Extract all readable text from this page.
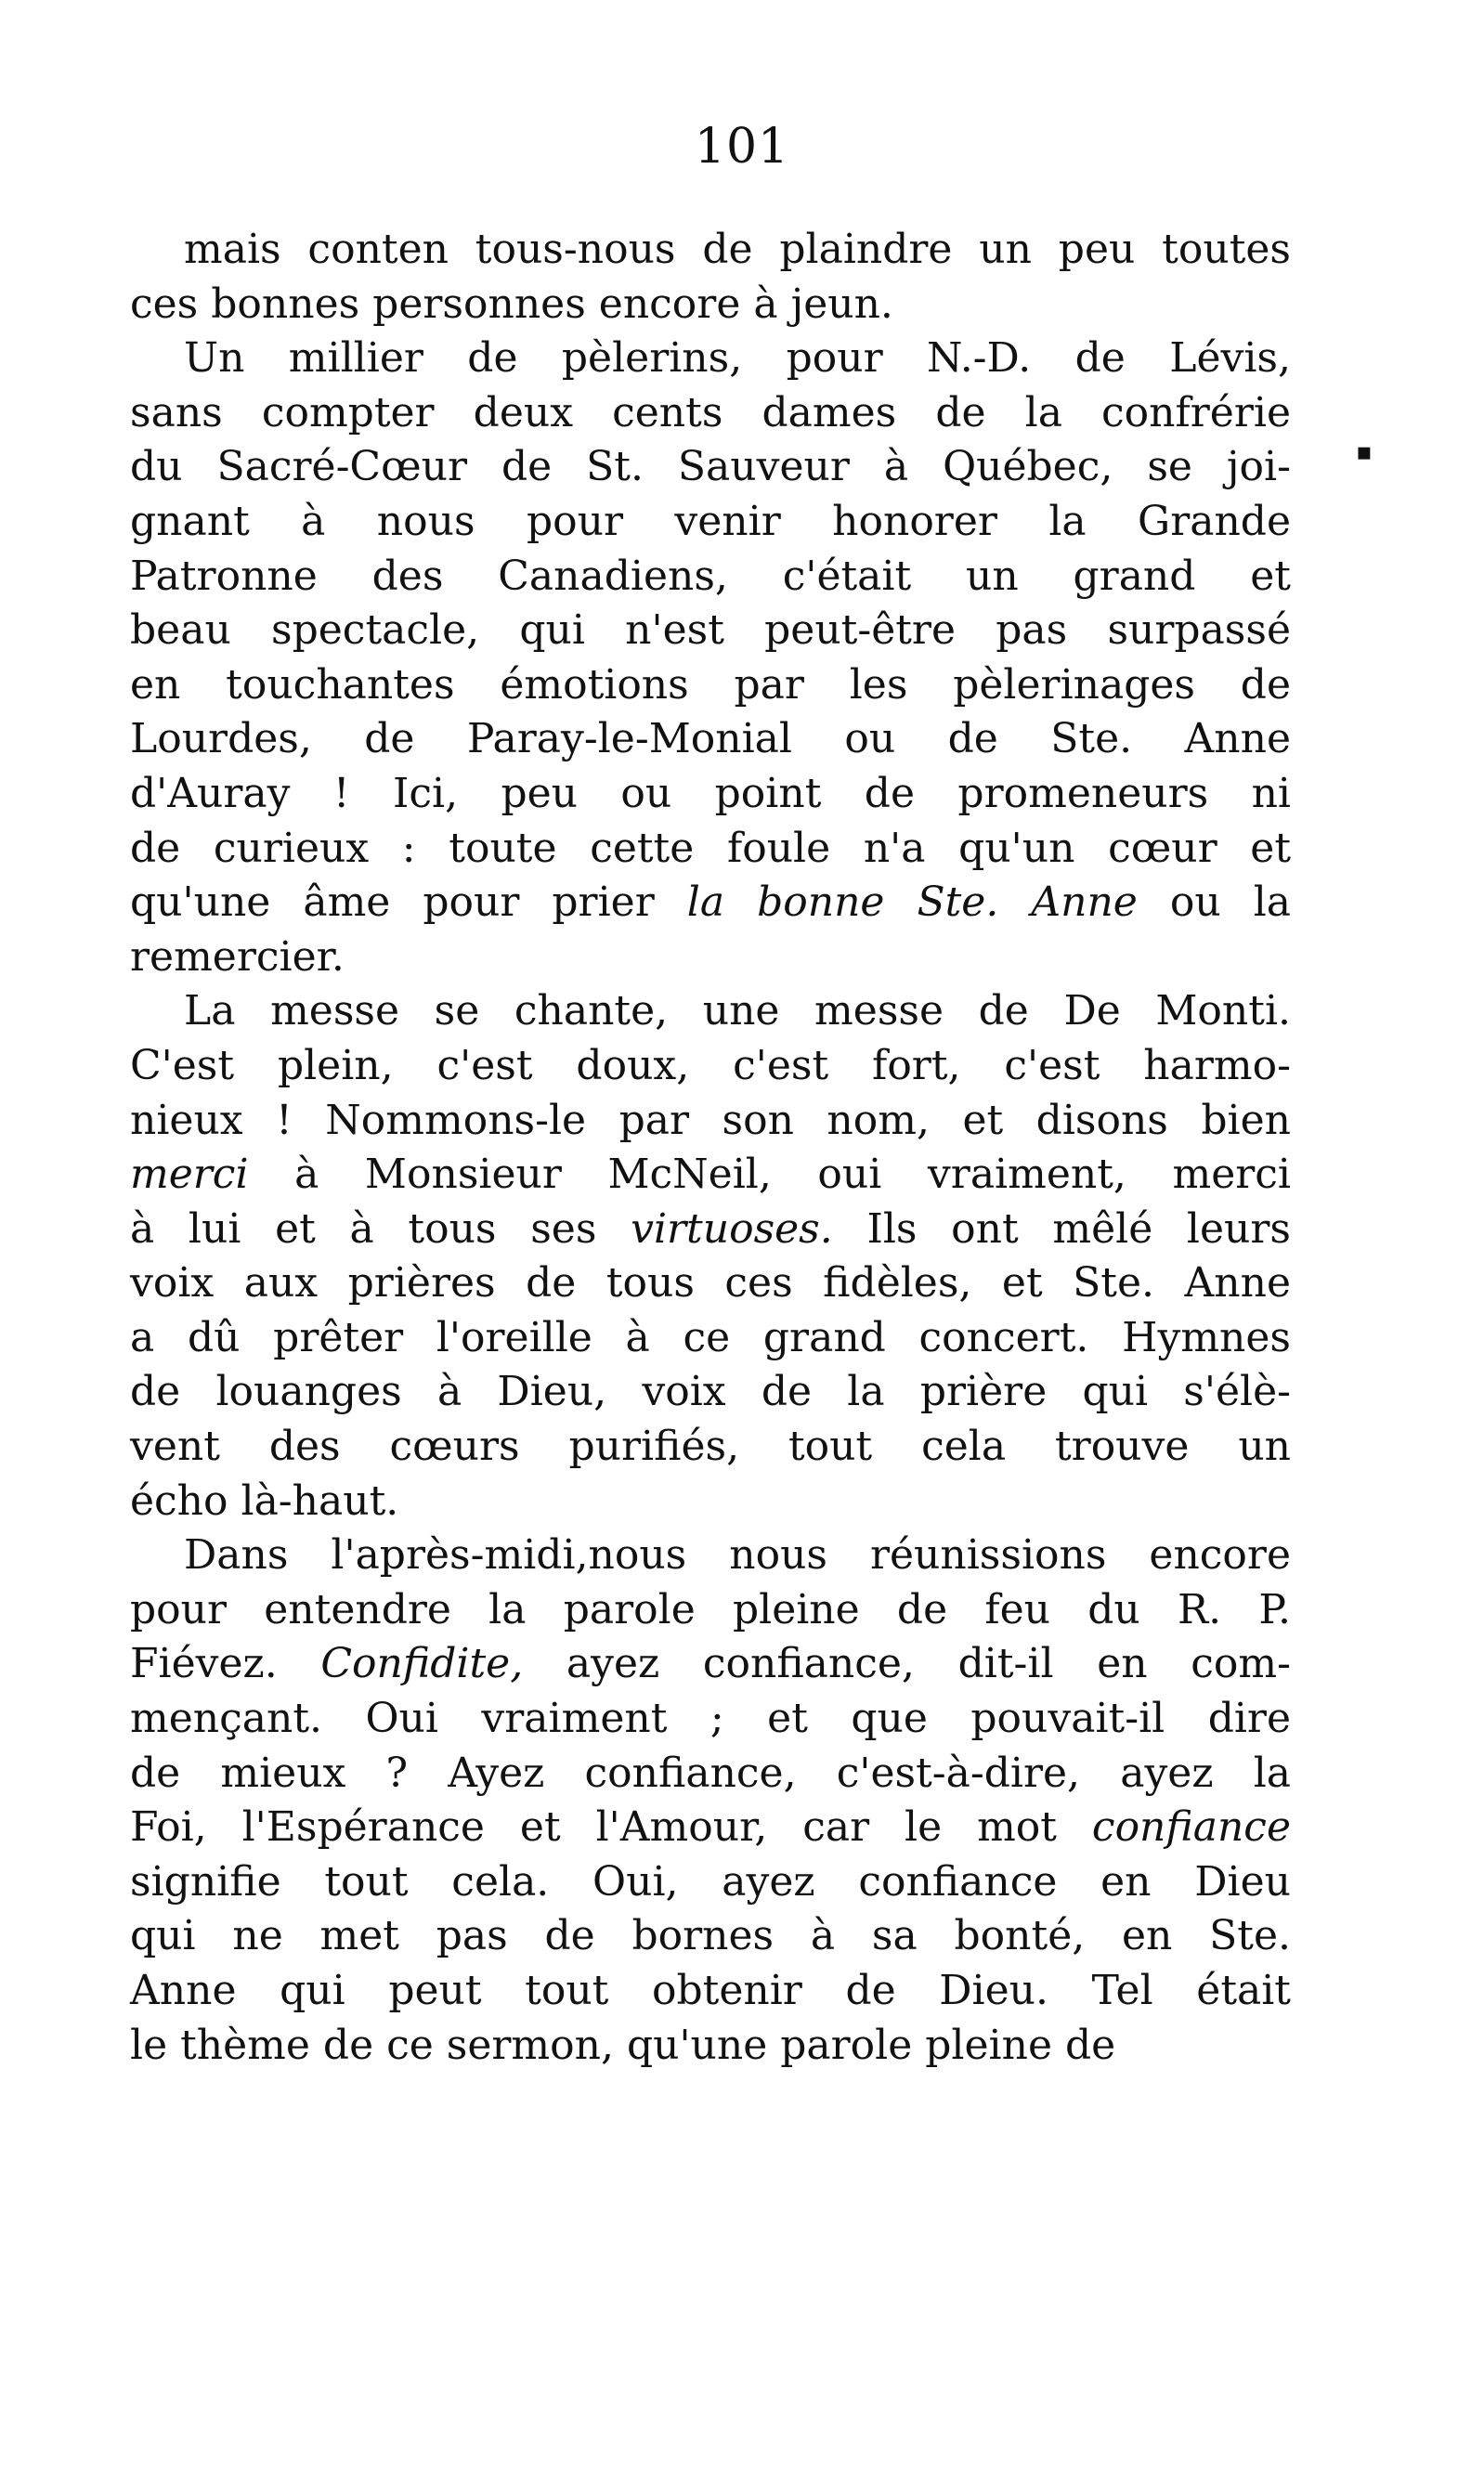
101
▪
mais conten tous-nous de plaindre un peu toutes
ces bonnes personnes encore à jeun.
Un millier de pèlerins, pour N.-D. de Lévis,
sans compter deux cents dames de la confrérie
du Sacré-Cœur de St. Sauveur à Québec, se joi-
gnant à nous pour venir honorer la Grande
Patronne des Canadiens, c'était un grand et
beau spectacle, qui n'est peut-être pas surpassé
en touchantes émotions par les pèlerinages de
Lourdes, de Paray-le-Monial ou de Ste. Anne
d'Auray ! Ici, peu ou point de promeneurs ni
de curieux : toute cette foule n'a qu'un cœur et
qu'une âme pour prier la bonne Ste. Anne ou la
remercier.
La messe se chante, une messe de De Monti.
C'est plein, c'est doux, c'est fort, c'est harmo-
nieux ! Nommons-le par son nom, et disons bien
merci à Monsieur McNeil, oui vraiment, merci
à lui et à tous ses virtuoses. Ils ont mêlé leurs
voix aux prières de tous ces fidèles, et Ste. Anne
a dû prêter l'oreille à ce grand concert. Hymnes
de louanges à Dieu, voix de la prière qui s'élè-
vent des cœurs purifiés, tout cela trouve un
écho là-haut.
Dans l'après-midi,nous nous réunissions encore
pour entendre la parole pleine de feu du R. P.
Fiévez. Confidite, ayez confiance, dit-il en com-
mençant. Oui vraiment ; et que pouvait-il dire
de mieux ? Ayez confiance, c'est-à-dire, ayez la
Foi, l'Espérance et l'Amour, car le mot confiance
signifie tout cela. Oui, ayez confiance en Dieu
qui ne met pas de bornes à sa bonté, en Ste.
Anne qui peut tout obtenir de Dieu. Tel était
le thème de ce sermon, qu'une parole pleine de
